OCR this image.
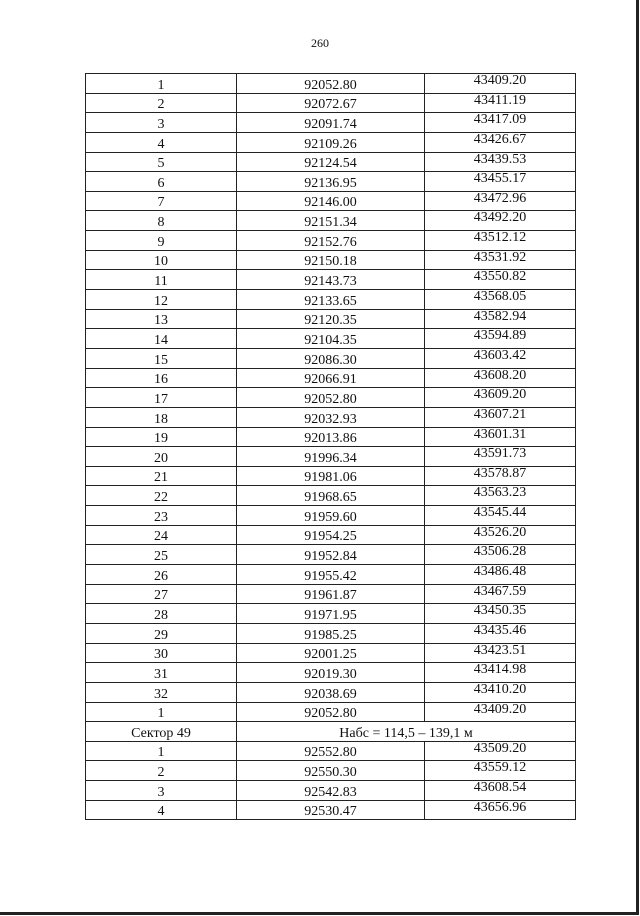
260
1	92052.80	43409.20
2	92072.67	43411.19
3	92091.74	43417.09
4	92109.26	43426.67
5	92124.54	43439.53
6	92136.95	43455.17
7	92146.00	43472.96
8	92151.34	43492.20
9	92152.76	43512.12
10	92150.18	43531.92
11	92143.73	43550.82
12	92133.65	43568.05
13	92120.35	43582.94
14	92104.35	43594.89
15	92086.30	43603.42
16	92066.91	43608.20
17	92052.80	43609.20
18	92032.93	43607.21
19	92013.86	43601.31
20	91996.34	43591.73
21	91981.06	43578.87
22	91968.65	43563.23
23	91959.60	43545.44
24	91954.25	43526.20
25	91952.84	43506.28
26	91955.42	43486.48
27	91961.87	43467.59
28	91971.95	43450.35
29	91985.25	43435.46
30	92001.25	43423.51
31	92019.30	43414.98
32	92038.69	43410.20
1	92052.80	43409.20
Сектор 49	Набс = 114,5 – 139,1 м	
1	92552.80	43509.20
2	92550.30	43559.12
3	92542.83	43608.54
4	92530.47	43656.96
